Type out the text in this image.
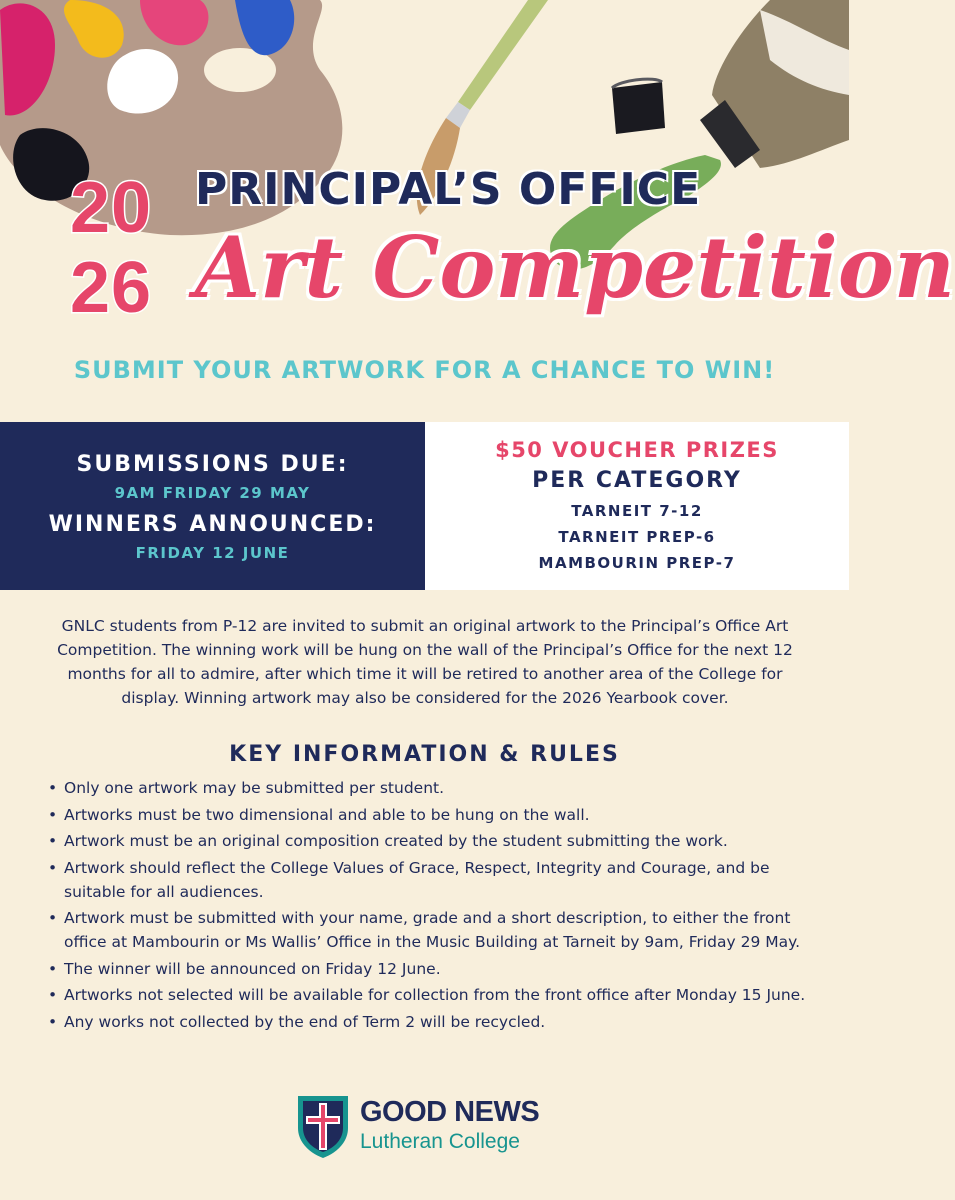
20
26
PRINCIPAL’S OFFICE
Art Competition
SUBMIT YOUR ARTWORK FOR A CHANCE TO WIN!
SUBMISSIONS DUE:
9AM FRIDAY 29 MAY
WINNERS ANNOUNCED:
FRIDAY 12 JUNE
$50 VOUCHER PRIZES
PER CATEGORY
TARNEIT 7-12
TARNEIT PREP-6
MAMBOURIN PREP-7
GNLC students from P-12 are invited to submit an original artwork to the Principal’s Office Art Competition. The winning work will be hung on the wall of the Principal’s Office for the next 12 months for all to admire, after which time it will be retired to another area of the College for display. Winning artwork may also be considered for the 2026 Yearbook cover.
KEY INFORMATION & RULES
• Only one artwork may be submitted per student.
• Artworks must be two dimensional and able to be hung on the wall.
• Artwork must be an original composition created by the student submitting the work.
• Artwork should reflect the College Values of Grace, Respect, Integrity and Courage, and be suitable for all audiences.
• Artwork must be submitted with your name, grade and a short description, to either the front office at Mambourin or Ms Wallis’ Office in the Music Building at Tarneit by 9am, Friday 29 May.
• The winner will be announced on Friday 12 June.
• Artworks not selected will be available for collection from the front office after Monday 15 June.
• Any works not collected by the end of Term 2 will be recycled.
GOOD NEWS
Lutheran College
